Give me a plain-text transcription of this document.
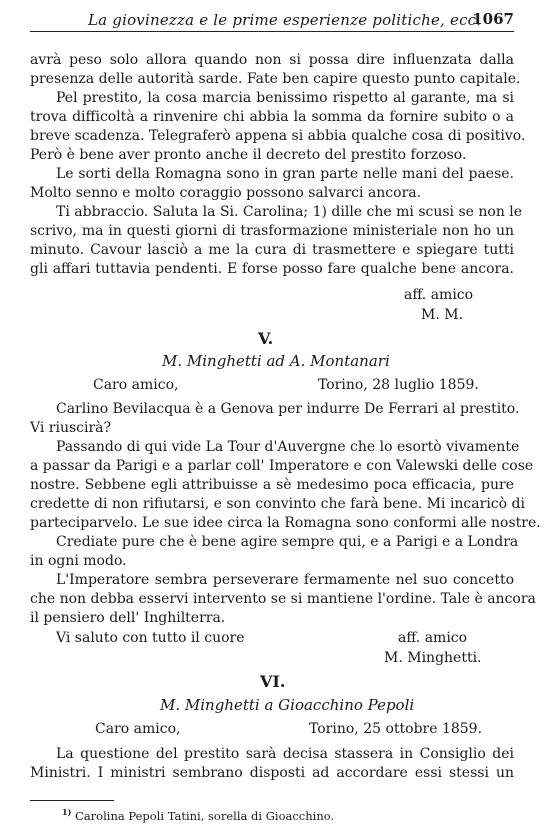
La giovinezza e le prime esperienze politiche, ecc.
1067
avrà peso solo allora quando non si possa dire influenzata dalla
presenza delle autorità sarde. Fate ben capire questo punto capitale.
Pel prestito, la cosa marcia benissimo rispetto al garante, ma si
trova difficoltà a rinvenire chi abbia la somma da fornire subito o a
breve scadenza. Telegraferò appena si abbia qualche cosa di positivo.
Però è bene aver pronto anche il decreto del prestito forzoso.
Le sorti della Romagna sono in gran parte nelle mani del paese.
Molto senno e molto coraggio possono salvarci ancora.
Ti abbraccio. Saluta la Si. Carolina; 1) dille che mi scusi se non le
scrivo, ma in questi giorni di trasformazione ministeriale non ho un
minuto. Cavour lasciò a me la cura di trasmettere e spiegare tutti
gli affari tuttavia pendenti. E forse posso fare qualche bene ancora.
aff. amico
M. M.
V.
M. Minghetti ad A. Montanari
Caro amico,	Torino, 28 luglio 1859.
Carlino Bevilacqua è a Genova per indurre De Ferrari al prestito.
Vi riuscirà?
Passando di qui vide La Tour d'Auvergne che lo esortò vivamente
a passar da Parigi e a parlar coll' Imperatore e con Valewski delle cose
nostre. Sebbene egli attribuisse a sè medesimo poca efficacia, pure
credette di non rifiutarsi, e son convinto che farà bene. Mi incaricò di
parteciparvelo. Le sue idee circa la Romagna sono conformi alle nostre.
Crediate pure che è bene agire sempre qui, e a Parigi e a Londra
in ogni modo.
L'Imperatore sembra perseverare fermamente nel suo concetto
che non debba esservi intervento se si mantiene l'ordine. Tale è ancora
il pensiero dell' Inghilterra.
Vi saluto con tutto il cuore	aff. amico
M. Minghetti.
VI.
M. Minghetti a Gioacchino Pepoli
Caro amico,	Torino, 25 ottobre 1859.
La questione del prestito sarà decisa stassera in Consiglio dei
Ministri. I ministri sembrano disposti ad accordare essi stessi un
$^{1)}$ Carolina Pepoli Tatini, sorella di Gioacchino.
